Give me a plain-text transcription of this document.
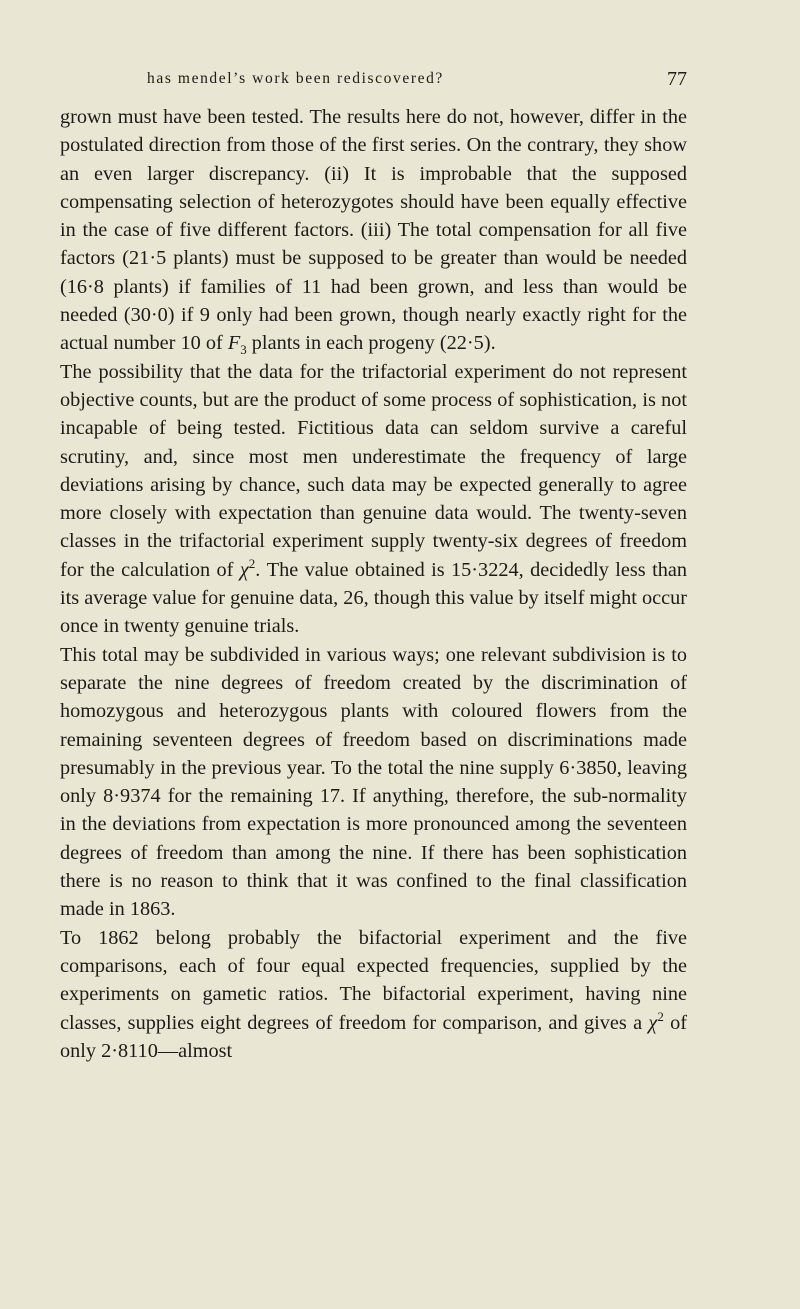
has mendel’s work been rediscovered?	77

grown must have been tested. The results here do not, however, differ in the postulated direction from those of the first series. On the contrary, they show an even larger discrepancy. (ii) It is improbable that the supposed compensating selection of heterozygotes should have been equally effective in the case of five different factors. (iii) The total compensation for all five factors (21·5 plants) must be supposed to be greater than would be needed (16·8 plants) if families of 11 had been grown, and less than would be needed (30·0) if 9 only had been grown, though nearly exactly right for the actual number 10 of $F_3$ plants in each progeny (22·5).

The possibility that the data for the trifactorial experiment do not represent objective counts, but are the product of some process of sophistication, is not incapable of being tested. Fictitious data can seldom survive a careful scrutiny, and, since most men underestimate the frequency of large deviations arising by chance, such data may be expected generally to agree more closely with expectation than genuine data would. The twenty-seven classes in the trifactorial experiment supply twenty-six degrees of freedom for the calculation of $\chi^2$. The value obtained is 15·3224, decidedly less than its average value for genuine data, 26, though this value by itself might occur once in twenty genuine trials.

This total may be subdivided in various ways; one relevant subdivision is to separate the nine degrees of freedom created by the discrimination of homozygous and heterozygous plants with coloured flowers from the remaining seventeen degrees of freedom based on discriminations made presumably in the previous year. To the total the nine supply 6·3850, leaving only 8·9374 for the remaining 17. If anything, therefore, the sub-normality in the deviations from expectation is more pronounced among the seventeen degrees of freedom than among the nine. If there has been sophistication there is no reason to think that it was confined to the final classification made in 1863.

To 1862 belong probably the bifactorial experiment and the five comparisons, each of four equal expected frequencies, supplied by the experiments on gametic ratios. The bifactorial experiment, having nine classes, supplies eight degrees of freedom for comparison, and gives a $\chi^2$ of only 2·8110—almost
